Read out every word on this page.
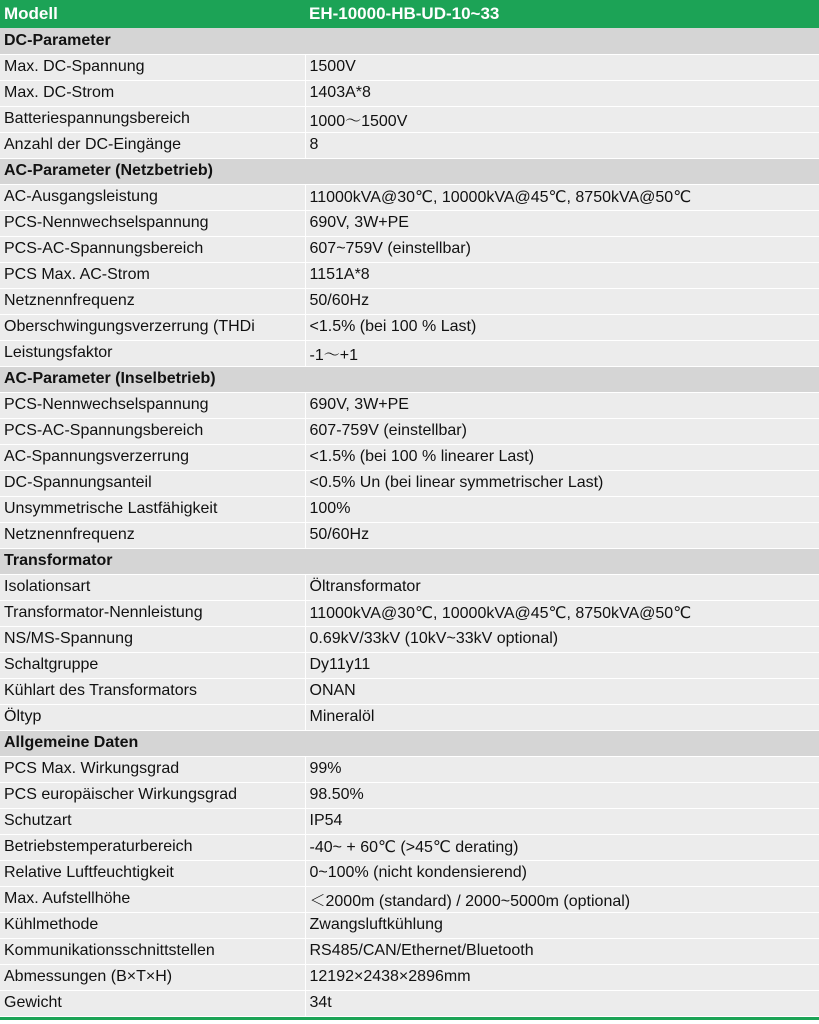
Modell	EH-10000-HB-UD-10~33
DC-Parameter	
Max. DC-Spannung	1500V
Max. DC-Strom	1403A*8
Batteriespannungsbereich	1000～1500V
Anzahl der DC-Eingänge	8
AC-Parameter (Netzbetrieb)	
AC-Ausgangsleistung	11000kVA@30℃, 10000kVA@45℃, 8750kVA@50℃
PCS-Nennwechselspannung	690V, 3W+PE
PCS-AC-Spannungsbereich	607~759V (einstellbar)
PCS Max. AC-Strom	1151A*8
Netznennfrequenz	50/60Hz
Oberschwingungsverzerrung (THDi	<1.5% (bei 100 % Last)
Leistungsfaktor	-1～+1
AC-Parameter (Inselbetrieb)	
PCS-Nennwechselspannung	690V, 3W+PE
PCS-AC-Spannungsbereich	607-759V (einstellbar)
AC-Spannungsverzerrung	<1.5% (bei 100 % linearer Last)
DC-Spannungsanteil	<0.5% Un (bei linear symmetrischer Last)
Unsymmetrische Lastfähigkeit	100%
Netznennfrequenz	50/60Hz
Transformator	
Isolationsart	Öltransformator
Transformator-Nennleistung	11000kVA@30℃, 10000kVA@45℃, 8750kVA@50℃
NS/MS-Spannung	0.69kV/33kV (10kV~33kV optional)
Schaltgruppe	Dy11y11
Kühlart des Transformators	ONAN
Öltyp	Mineralöl
Allgemeine Daten	
PCS Max. Wirkungsgrad	99%
PCS europäischer Wirkungsgrad	98.50%
Schutzart	IP54
Betriebstemperaturbereich	-40~ + 60℃ (>45℃ derating)
Relative Luftfeuchtigkeit	0~100% (nicht kondensierend)
Max. Aufstellhöhe	＜2000m (standard) / 2000~5000m (optional)
Kühlmethode	Zwangsluftkühlung
Kommunikationsschnittstellen	RS485/CAN/Ethernet/Bluetooth
Abmessungen (B×T×H)	12192×2438×2896mm
Gewicht	34t
